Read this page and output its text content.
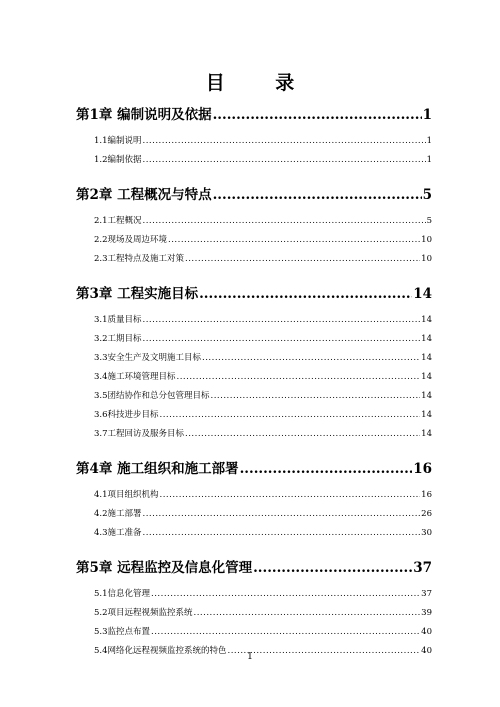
目 录
第1章 编制说明及依据 .....	1
1.1编制说明 .....	1
1.2编制依据 .....	1
第2章 工程概况与特点 .....	5
2.1工程概况 .....	5
2.2现场及周边环境 .....	10
2.3工程特点及施工对策 .....	10
第3章 工程实施目标 .....	14
3.1质量目标 .....	14
3.2工期目标 .....	14
3.3安全生产及文明施工目标 .....	14
3.4施工环境管理目标 .....	14
3.5团结协作和总分包管理目标 .....	14
3.6科技进步目标 .....	14
3.7工程回访及服务目标 .....	14
第4章 施工组织和施工部署 .....	16
4.1项目组织机构 .....	16
4.2施工部署 .....	26
4.3施工准备 .....	30
第5章 远程监控及信息化管理 .....	37
5.1信息化管理 .....	37
5.2项目远程视频监控系统 .....	39
5.3监控点布置 .....	40
5.4网络化远程视频监控系统的特色 .....	40
1
